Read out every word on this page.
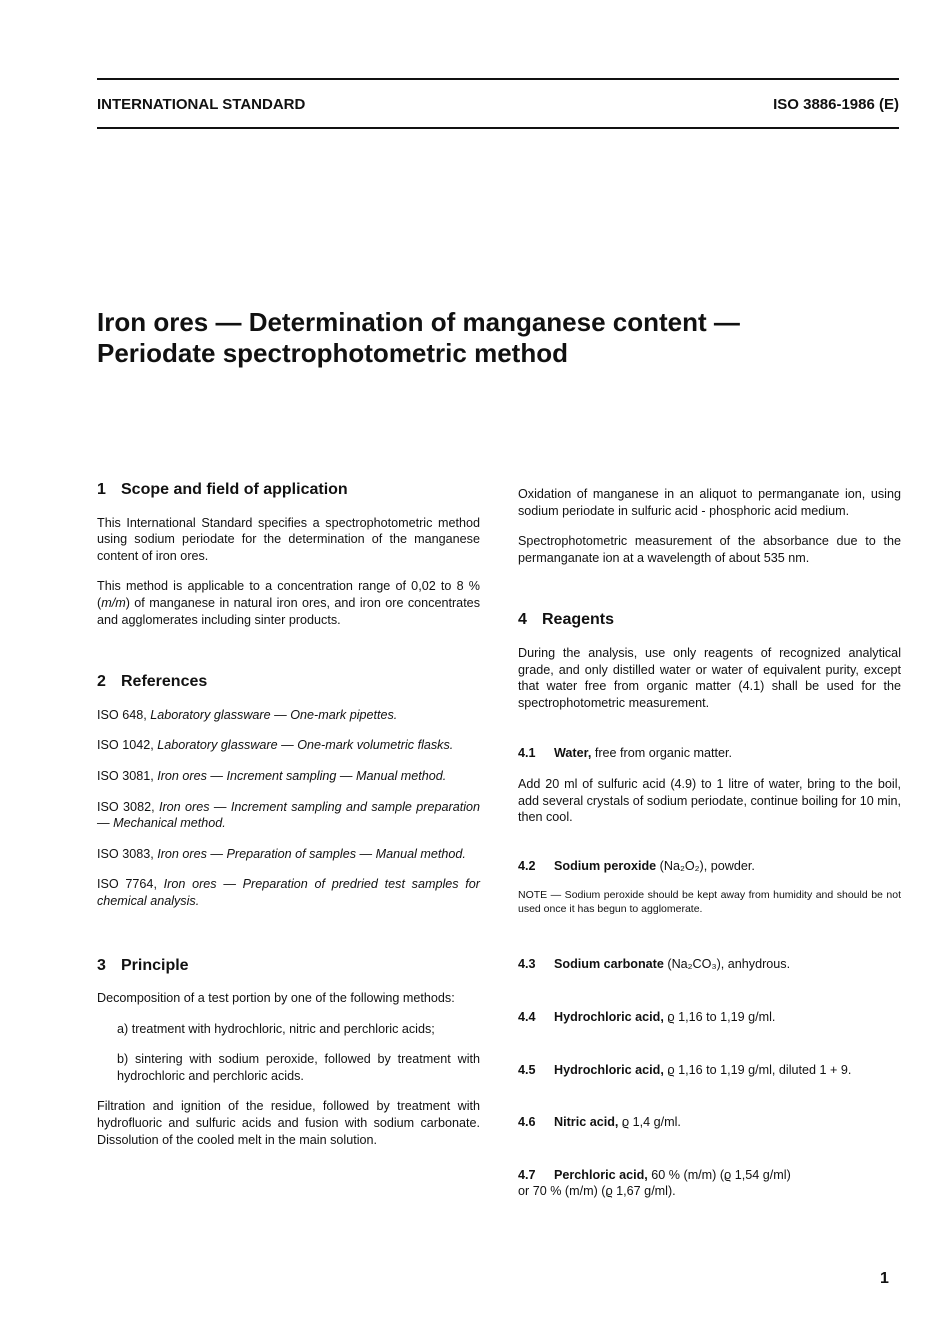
INTERNATIONAL STANDARD	ISO 3886-1986 (E)
Iron ores — Determination of manganese content —
Periodate spectrophotometric method
1 Scope and field of application

This International Standard specifies a spectrophotometric method using sodium periodate for the determination of the manganese content of iron ores.

This method is applicable to a concentration range of 0,02 to 8 % (m/m) of manganese in natural iron ores, and iron ore concentrates and agglomerates including sinter products.

2 References

ISO 648, Laboratory glassware — One-mark pipettes.

ISO 1042, Laboratory glassware — One-mark volumetric flasks.

ISO 3081, Iron ores — Increment sampling — Manual method.

ISO 3082, Iron ores — Increment sampling and sample preparation — Mechanical method.

ISO 3083, Iron ores — Preparation of samples — Manual method.

ISO 7764, Iron ores — Preparation of predried test samples for chemical analysis.

3 Principle

Decomposition of a test portion by one of the following methods:

a) treatment with hydrochloric, nitric and perchloric acids;

b) sintering with sodium peroxide, followed by treatment with hydrochloric and perchloric acids.

Filtration and ignition of the residue, followed by treatment with hydrofluoric and sulfuric acids and fusion with sodium carbonate. Dissolution of the cooled melt in the main solution.

Oxidation of manganese in an aliquot to permanganate ion, using sodium periodate in sulfuric acid - phosphoric acid medium.

Spectrophotometric measurement of the absorbance due to the permanganate ion at a wavelength of about 535 nm.

4 Reagents

During the analysis, use only reagents of recognized analytical grade, and only distilled water or water of equivalent purity, except that water free from organic matter (4.1) shall be used for the spectrophotometric measurement.

4.1 Water, free from organic matter.

Add 20 ml of sulfuric acid (4.9) to 1 litre of water, bring to the boil, add several crystals of sodium periodate, continue boiling for 10 min, then cool.

4.2 Sodium peroxide (Na₂O₂), powder.

NOTE — Sodium peroxide should be kept away from humidity and should be not used once it has begun to agglomerate.

4.3 Sodium carbonate (Na₂CO₃), anhydrous.

4.4 Hydrochloric acid, ϱ 1,16 to 1,19 g/ml.

4.5 Hydrochloric acid, ϱ 1,16 to 1,19 g/ml, diluted 1 + 9.

4.6 Nitric acid, ϱ 1,4 g/ml.

4.7 Perchloric acid, 60 % (m/m) (ϱ 1,54 g/ml)
or 70 % (m/m) (ϱ 1,67 g/ml).

1
